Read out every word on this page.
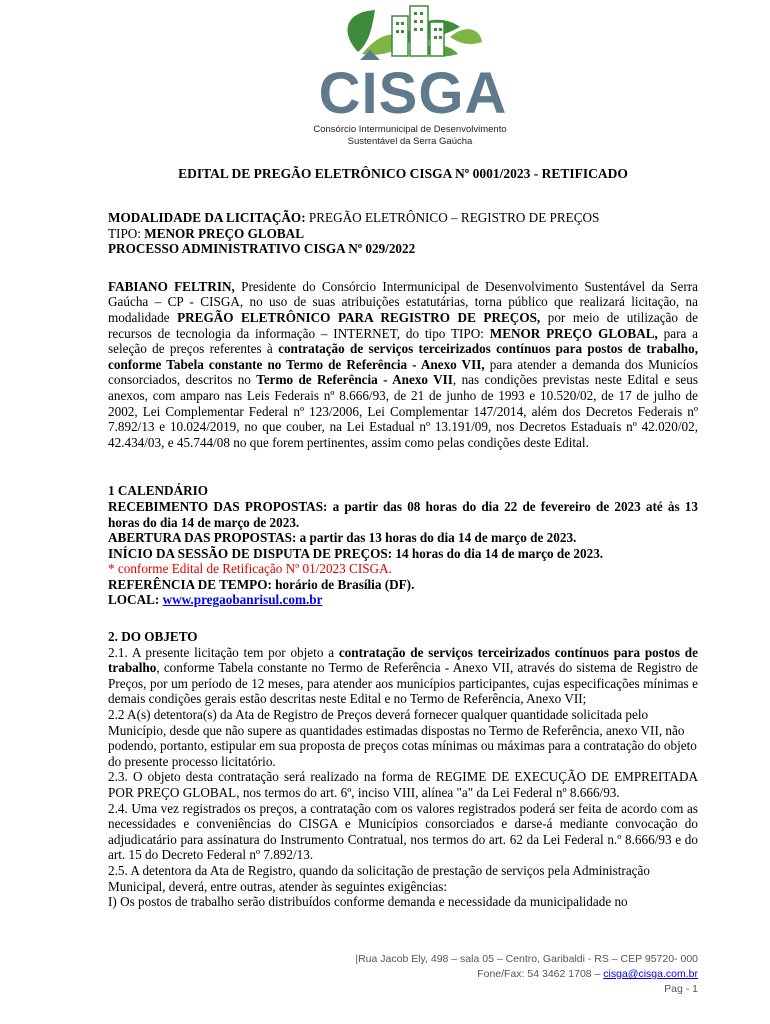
CISGA
Consórcio Intermunicipal de Desenvolvimento
Sustentável da Serra Gaúcha
EDITAL DE PREGÃO ELETRÔNICO CISGA Nº 0001/2023 - RETIFICADO

MODALIDADE DA LICITAÇÃO: PREGÃO ELETRÔNICO – REGISTRO DE PREÇOS

TIPO: MENOR PREÇO GLOBAL

PROCESSO ADMINISTRATIVO CISGA Nº 029/2022

FABIANO FELTRIN, Presidente do Consórcio Intermunicipal de Desenvolvimento Sustentável da Serra Gaúcha – CP - CISGA, no uso de suas atribuições estatutárias, torna público que realizará licitação, na modalidade PREGÃO ELETRÔNICO PARA REGISTRO DE PREÇOS, por meio de utilização de recursos de tecnologia da informação – INTERNET, do tipo TIPO: MENOR PREÇO GLOBAL, para a seleção de preços referentes à contratação de serviços terceirizados contínuos para postos de trabalho, conforme Tabela constante no Termo de Referência - Anexo VII, para atender a demanda dos Municíos consorciados, descritos no Termo de Referência - Anexo VII, nas condições previstas neste Edital e seus anexos, com amparo nas Leis Federais nº 8.666/93, de 21 de junho de 1993 e 10.520/02, de 17 de julho de 2002, Lei Complementar Federal nº 123/2006, Lei Complementar 147/2014, além dos Decretos Federais nº 7.892/13 e 10.024/2019, no que couber, na Lei Estadual nº 13.191/09, nos Decretos Estaduais nº 42.020/02, 42.434/03, e 45.744/08 no que forem pertinentes, assim como pelas condições deste Edital.

1 CALENDÁRIO

RECEBIMENTO DAS PROPOSTAS: a partir das 08 horas do dia 22 de fevereiro de 2023 até às 13 horas do dia 14 de março de 2023.

ABERTURA DAS PROPOSTAS: a partir das 13 horas do dia 14 de março de 2023.

INÍCIO DA SESSÃO DE DISPUTA DE PREÇOS: 14 horas do dia 14 de março de 2023.

* conforme Edital de Retificação Nº 01/2023 CISGA.

REFERÊNCIA DE TEMPO: horário de Brasília (DF).

LOCAL: www.pregaobanrisul.com.br

2. DO OBJETO

2.1. A presente licitação tem por objeto a contratação de serviços terceirizados contínuos para postos de trabalho, conforme Tabela constante no Termo de Referência - Anexo VII, através do sistema de Registro de Preços, por um período de 12 meses, para atender aos municípios participantes, cujas especificações mínimas e demais condições gerais estão descritas neste Edital e no Termo de Referência, Anexo VII;

2.2 A(s) detentora(s) da Ata de Registro de Preços deverá fornecer qualquer quantidade solicitada pelo Município, desde que não supere as quantidades estimadas dispostas no Termo de Referência, anexo VII, não podendo, portanto, estipular em sua proposta de preços cotas mínimas ou máximas para a contratação do objeto do presente processo licitatório.

2.3. O objeto desta contratação será realizado na forma de REGIME DE EXECUÇÃO DE EMPREITADA POR PREÇO GLOBAL, nos termos do art. 6º, inciso VIII, alínea "a" da Lei Federal nº 8.666/93.

2.4. Uma vez registrados os preços, a contratação com os valores registrados poderá ser feita de acordo com as necessidades e conveniências do CISGA e Municípios consorciados e darse-á mediante convocação do adjudicatário para assinatura do Instrumento Contratual, nos termos do art. 62 da Lei Federal n.º 8.666/93 e do art. 15 do Decreto Federal nº 7.892/13.

2.5. A detentora da Ata de Registro, quando da solicitação de prestação de serviços pela Administração Municipal, deverá, entre outras, atender às seguintes exigências:

I) Os postos de trabalho serão distribuídos conforme demanda e necessidade da municipalidade no

|Rua Jacob Ely, 498 – sala 05 – Centro, Garibaldi - RS – CEP 95720- 000
Fone/Fax: 54 3462 1708 – cisga@cisga.com.br
Pag - 1
